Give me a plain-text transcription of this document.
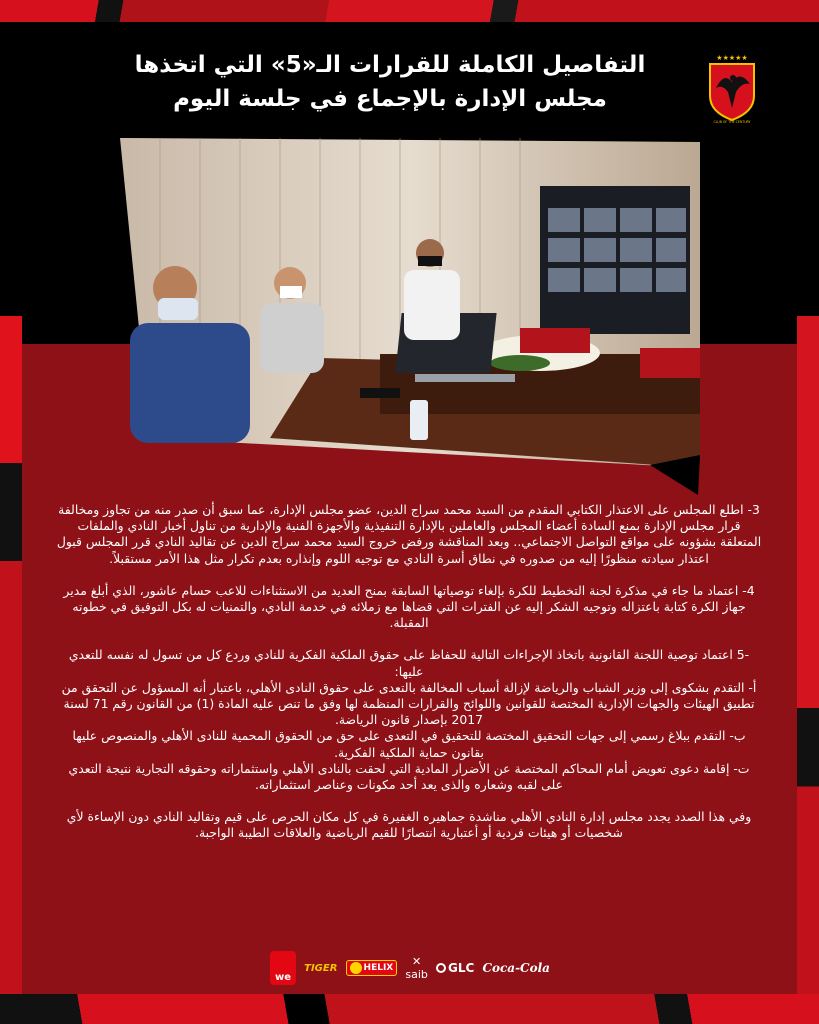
التفاصيل الكاملة للقرارات الـ«5» التي اتخذها
مجلس الإدارة بالإجماع في جلسة اليوم
★★★★★
CLUB OF THE CENTURY

3- اطلع المجلس على الاعتذار الكتابي المقدم من السيد محمد سراج الدين، عضو مجلس الإدارة، عما سبق أن صدر منه من تجاوز ومخالفة قرار مجلس الإدارة بمنع السادة أعضاء المجلس والعاملين بالإدارة التنفيذية والأجهزة الفنية والإدارية من تناول أخبار النادي والملفات المتعلقة بشؤونه على مواقع التواصل الاجتماعي.. وبعد المناقشة ورفض خروج السيد محمد سراج الدين عن تقاليد النادي قرر المجلس قبول اعتذار سيادته منظورًا إليه من صدوره في نطاق أسرة النادي مع توجيه اللوم وإنذاره بعدم تكرار مثل هذا الأمر مستقبلاً.

4- اعتماد ما جاء في مذكرة لجنة التخطيط للكرة بإلغاء توصياتها السابقة بمنح العديد من الاستثناءات للاعب حسام عاشور، الذي أبلغ مدير جهاز الكرة كتابة باعتزاله وتوجيه الشكر إليه عن الفترات التي قضاها مع زملائه في خدمة النادي، والتمنيات له بكل التوفيق في خطوته المقبلة.

-5 اعتماد توصية اللجنة القانونية باتخاذ الإجراءات التالية للحفاظ على حقوق الملكية الفكرية للنادي وردع كل من تسول له نفسه للتعدي عليها:

أ- التقدم بشكوى إلى وزير الشباب والرياضة لإزالة أسباب المخالفة بالتعدى على حقوق النادى الأهلي، باعتبار أنه المسؤول عن التحقق من تطبيق الهيئات والجهات الإدارية المختصة للقوانين واللوائح والقرارات المنظمة لها وفق ما تنص عليه المادة (1) من القانون رقم 71 لسنة 2017 بإصدار قانون الرياضة.

ب- التقدم ببلاغ رسمي إلى جهات التحقيق المختصة للتحقيق في التعدى على حق من الحقوق المحمية للنادى الأهلي والمنصوص عليها بقانون حماية الملكية الفكرية.

ت- إقامة دعوى تعويض أمام المحاكم المختصة عن الأضرار المادية التي لحقت بالنادى الأهلي واستثماراته وحقوقه التجارية نتيجة التعدي على لقبه وشعاره والذى يعد أحد مكونات وعناصر استثماراته.

وفي هذا الصدد يجدد مجلس إدارة النادي الأهلي مناشدة جماهيره الغفيرة في كل مكان الحرص على قيم وتقاليد النادي دون الإساءة لأي شخصيات أو هيئات فردية أو أعتبارية انتصارًا للقيم الرياضية والعلاقات الطيبة الواجبة.

we
TIGER	HELIX ✕
saib GLC Coca-Cola
